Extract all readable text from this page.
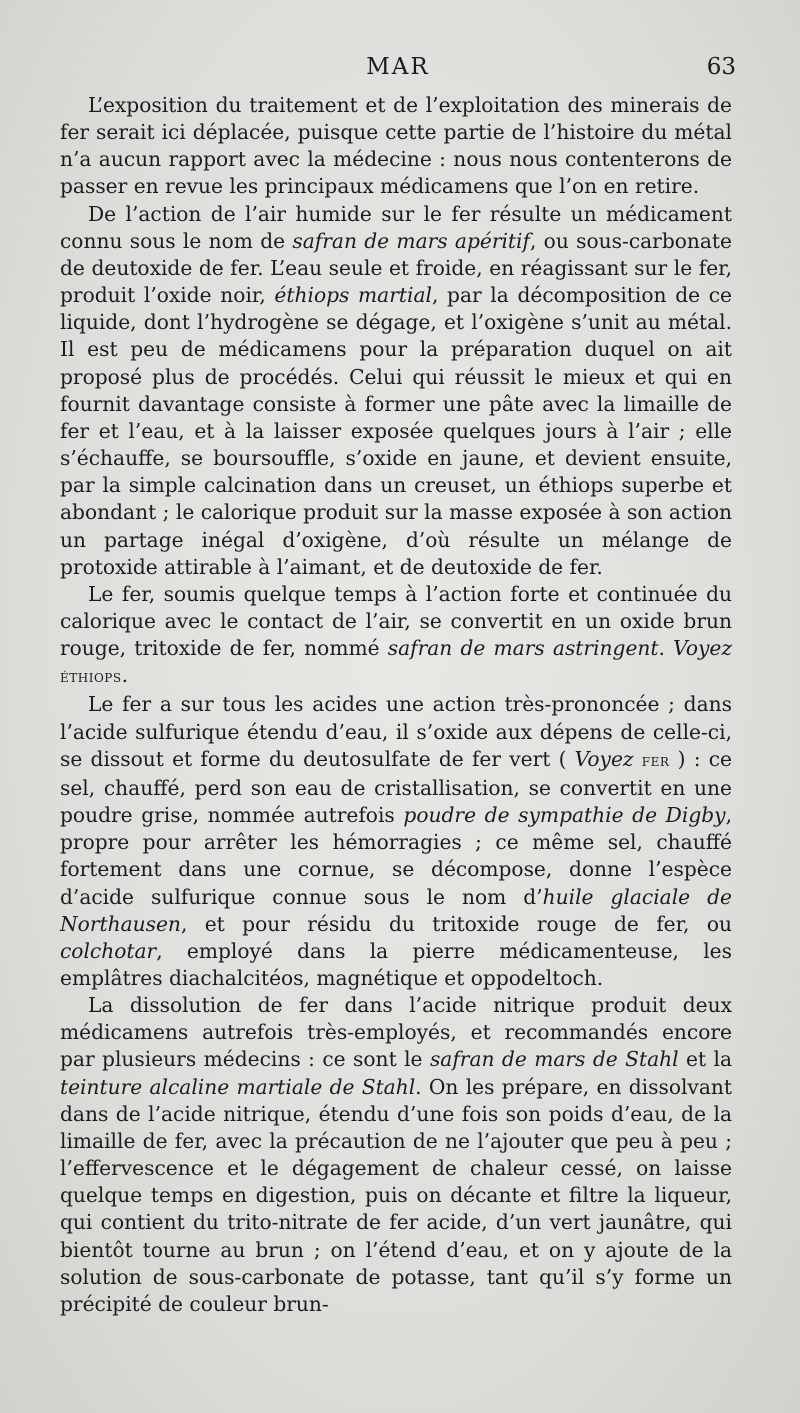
MAR	63

L’exposition du traitement et de l’exploitation des minerais de fer serait ici déplacée, puisque cette partie de l’histoire du métal n’a aucun rapport avec la médecine : nous nous contenterons de passer en revue les principaux médicamens que l’on en retire.

De l’action de l’air humide sur le fer résulte un médicament connu sous le nom de safran de mars apéritif, ou sous-carbonate de deutoxide de fer. L’eau seule et froide, en réagissant sur le fer, produit l’oxide noir, éthiops martial, par la décomposition de ce liquide, dont l’hydrogène se dégage, et l’oxigène s’unit au métal. Il est peu de médicamens pour la préparation duquel on ait proposé plus de procédés. Celui qui réussit le mieux et qui en fournit davantage consiste à former une pâte avec la limaille de fer et l’eau, et à la laisser exposée quelques jours à l’air ; elle s’échauffe, se boursouffle, s’oxide en jaune, et devient ensuite, par la simple calcination dans un creuset, un éthiops superbe et abondant ; le calorique produit sur la masse exposée à son action un partage inégal d’oxigène, d’où résulte un mélange de protoxide attirable à l’aimant, et de deutoxide de fer.

Le fer, soumis quelque temps à l’action forte et continuée du calorique avec le contact de l’air, se convertit en un oxide brun rouge, tritoxide de fer, nommé safran de mars astringent. Voyez éthiops.

Le fer a sur tous les acides une action très-prononcée ; dans l’acide sulfurique étendu d’eau, il s’oxide aux dépens de celle-ci, se dissout et forme du deutosulfate de fer vert ( Voyez fer ) : ce sel, chauffé, perd son eau de cristallisation, se convertit en une poudre grise, nommée autrefois poudre de sympathie de Digby, propre pour arrêter les hémorragies ; ce même sel, chauffé fortement dans une cornue, se décompose, donne l’espèce d’acide sulfurique connue sous le nom d’huile glaciale de Northausen, et pour résidu du tritoxide rouge de fer, ou colchotar, employé dans la pierre médicamenteuse, les emplâtres diachalcitéos, magnétique et oppodeltoch.

La dissolution de fer dans l’acide nitrique produit deux médicamens autrefois très-employés, et recommandés encore par plusieurs médecins : ce sont le safran de mars de Stahl et la teinture alcaline martiale de Stahl. On les prépare, en dissolvant dans de l’acide nitrique, étendu d’une fois son poids d’eau, de la limaille de fer, avec la précaution de ne l’ajouter que peu à peu ; l’effervescence et le dégagement de chaleur cessé, on laisse quelque temps en digestion, puis on décante et filtre la liqueur, qui contient du trito-nitrate de fer acide, d’un vert jaunâtre, qui bientôt tourne au brun ; on l’étend d’eau, et on y ajoute de la solution de sous-carbonate de potasse, tant qu’il s’y forme un précipité de couleur brun-
